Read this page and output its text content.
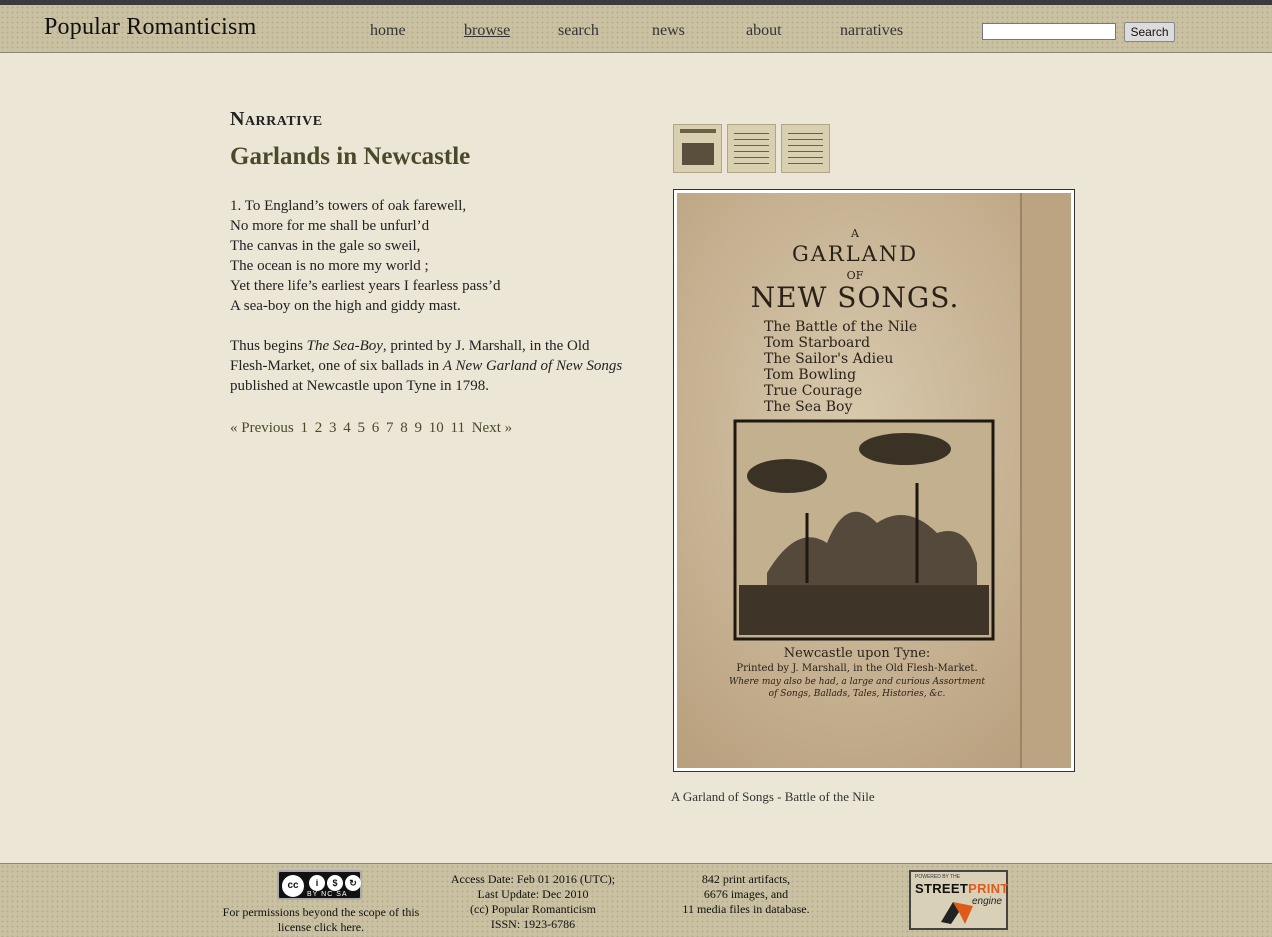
Popular Romanticism	home	browse	search	news	about	narratives	Search
Narrative
Garlands in Newcastle
1. To England’s towers of oak farewell,
No more for me shall be unfurl’d
The canvas in the gale so sweil,
The ocean is no more my world ;
Yet there life’s earliest years I fearless pass’d
A sea-boy on the high and giddy mast.

Thus begins The Sea-Boy, printed by J. Marshall, in the Old Flesh-Market, one of six ballads in A New Garland of New Songs published at Newcastle upon Tyne in 1798.

« Previous 1 2 3 4 5 6 7 8 9 10 11 Next »
A
GARLAND
OF
NEW SONGS.
The Battle of the Nile
Tom Starboard
The Sailor's Adieu
Tom Bowling
True Courage
The Sea Boy
Newcastle upon Tyne:
Printed by J. Marshall, in the Old Flesh-Market.
Where may also be had, a large and curious Assortment
of Songs, Ballads, Tales, Histories, &c.
A Garland of Songs - Battle of the Nile
cc	i	$	↻
BY NC SA
For permissions beyond the scope of this license click here.
Access Date: Feb 01 2016 (UTC);
Last Update: Dec 2010
(cc) Popular Romanticism
ISSN: 1923-6786
842 print artifacts,
6676 images, and
11 media files in database.
POWERED BY THE
STREETPRINT
engine
